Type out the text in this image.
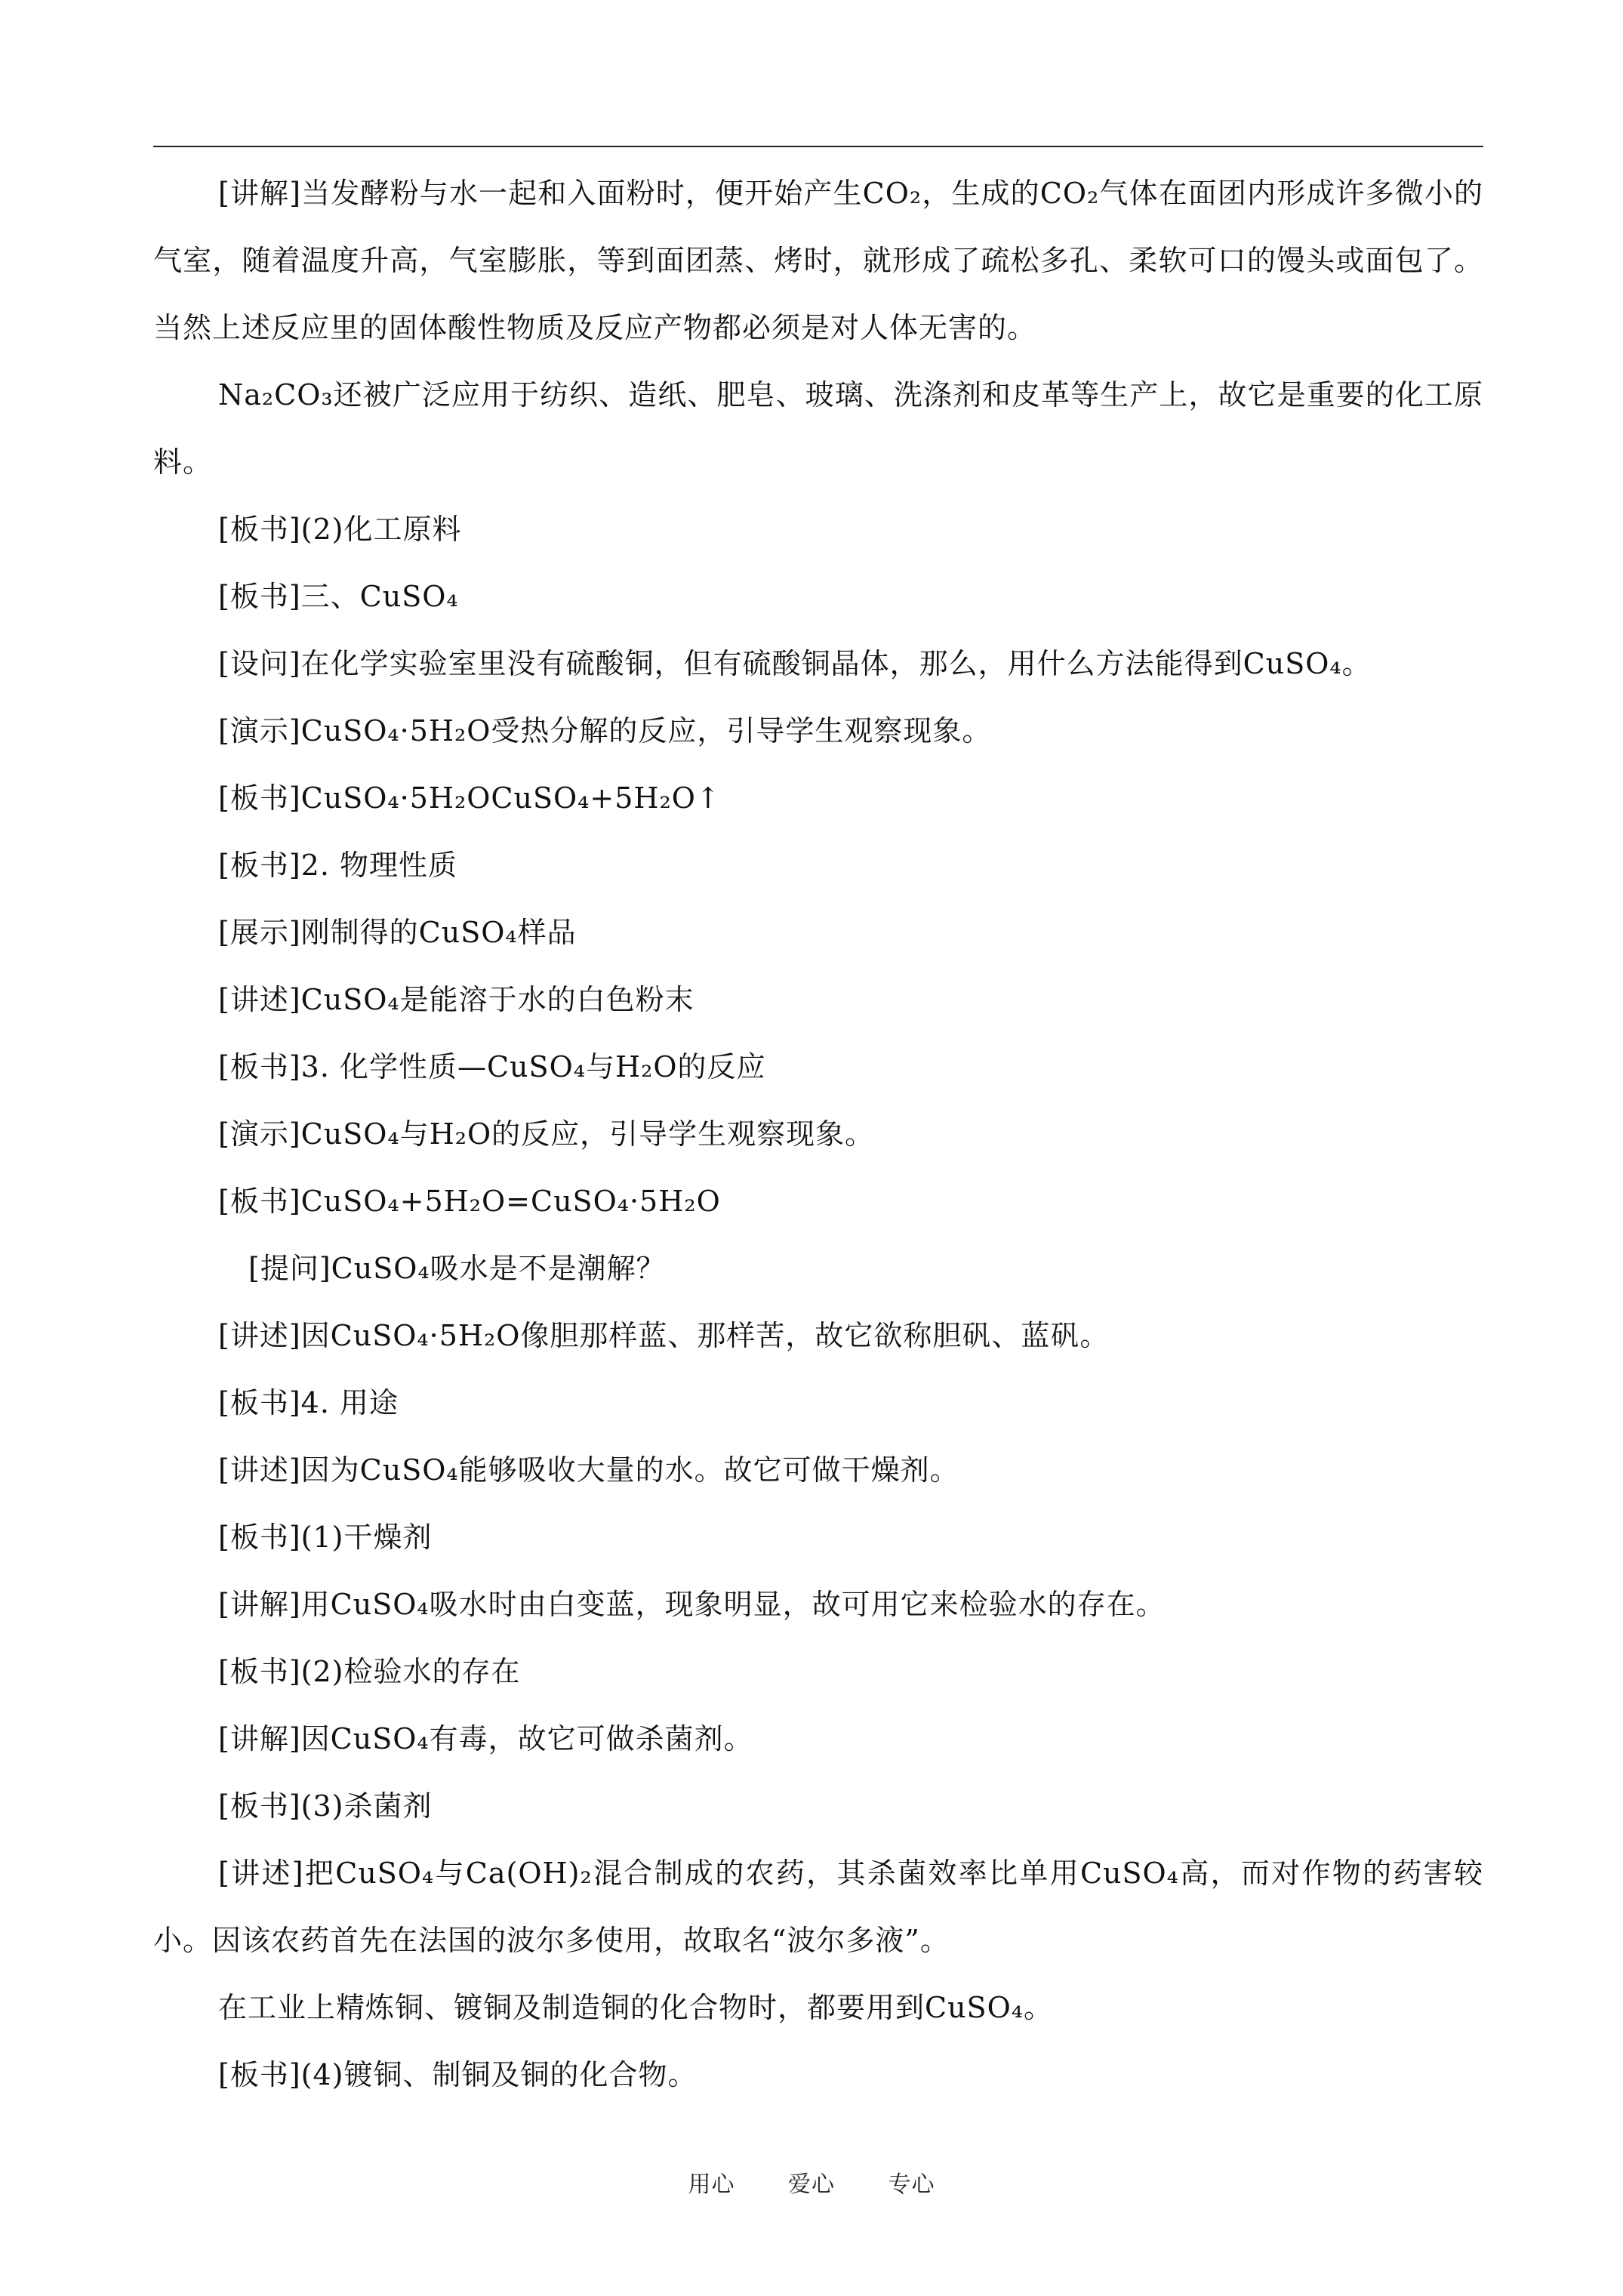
[讲解]当发酵粉与水一起和入面粉时，便开始产生CO₂，生成的CO₂气体在面团内形成许多微小的气室，随着温度升高，气室膨胀，等到面团蒸、烤时，就形成了疏松多孔、柔软可口的馒头或面包了。当然上述反应里的固体酸性物质及反应产物都必须是对人体无害的。

Na₂CO₃还被广泛应用于纺织、造纸、肥皂、玻璃、洗涤剂和皮革等生产上，故它是重要的化工原料。

[板书](2)化工原料

[板书]三、CuSO₄

[设问]在化学实验室里没有硫酸铜，但有硫酸铜晶体，那么，用什么方法能得到CuSO₄。

[演示]CuSO₄·5H₂O受热分解的反应，引导学生观察现象。

[板书]CuSO₄·5H₂OCuSO₄+5H₂O↑

[板书]2. 物理性质

[展示]刚制得的CuSO₄样品

[讲述]CuSO₄是能溶于水的白色粉末

[板书]3. 化学性质—CuSO₄与H₂O的反应

[演示]CuSO₄与H₂O的反应，引导学生观察现象。

[板书]CuSO₄+5H₂O=CuSO₄·5H₂O

[提问]CuSO₄吸水是不是潮解？

[讲述]因CuSO₄·5H₂O像胆那样蓝、那样苦，故它欲称胆矾、蓝矾。

[板书]4. 用途

[讲述]因为CuSO₄能够吸收大量的水。故它可做干燥剂。

[板书](1)干燥剂

[讲解]用CuSO₄吸水时由白变蓝，现象明显，故可用它来检验水的存在。

[板书](2)检验水的存在

[讲解]因CuSO₄有毒，故它可做杀菌剂。

[板书](3)杀菌剂

[讲述]把CuSO₄与Ca(OH)₂混合制成的农药，其杀菌效率比单用CuSO₄高，而对作物的药害较小。因该农药首先在法国的波尔多使用，故取名“波尔多液”。

在工业上精炼铜、镀铜及制造铜的化合物时，都要用到CuSO₄。

[板书](4)镀铜、制铜及铜的化合物。

用心 爱心 专心
